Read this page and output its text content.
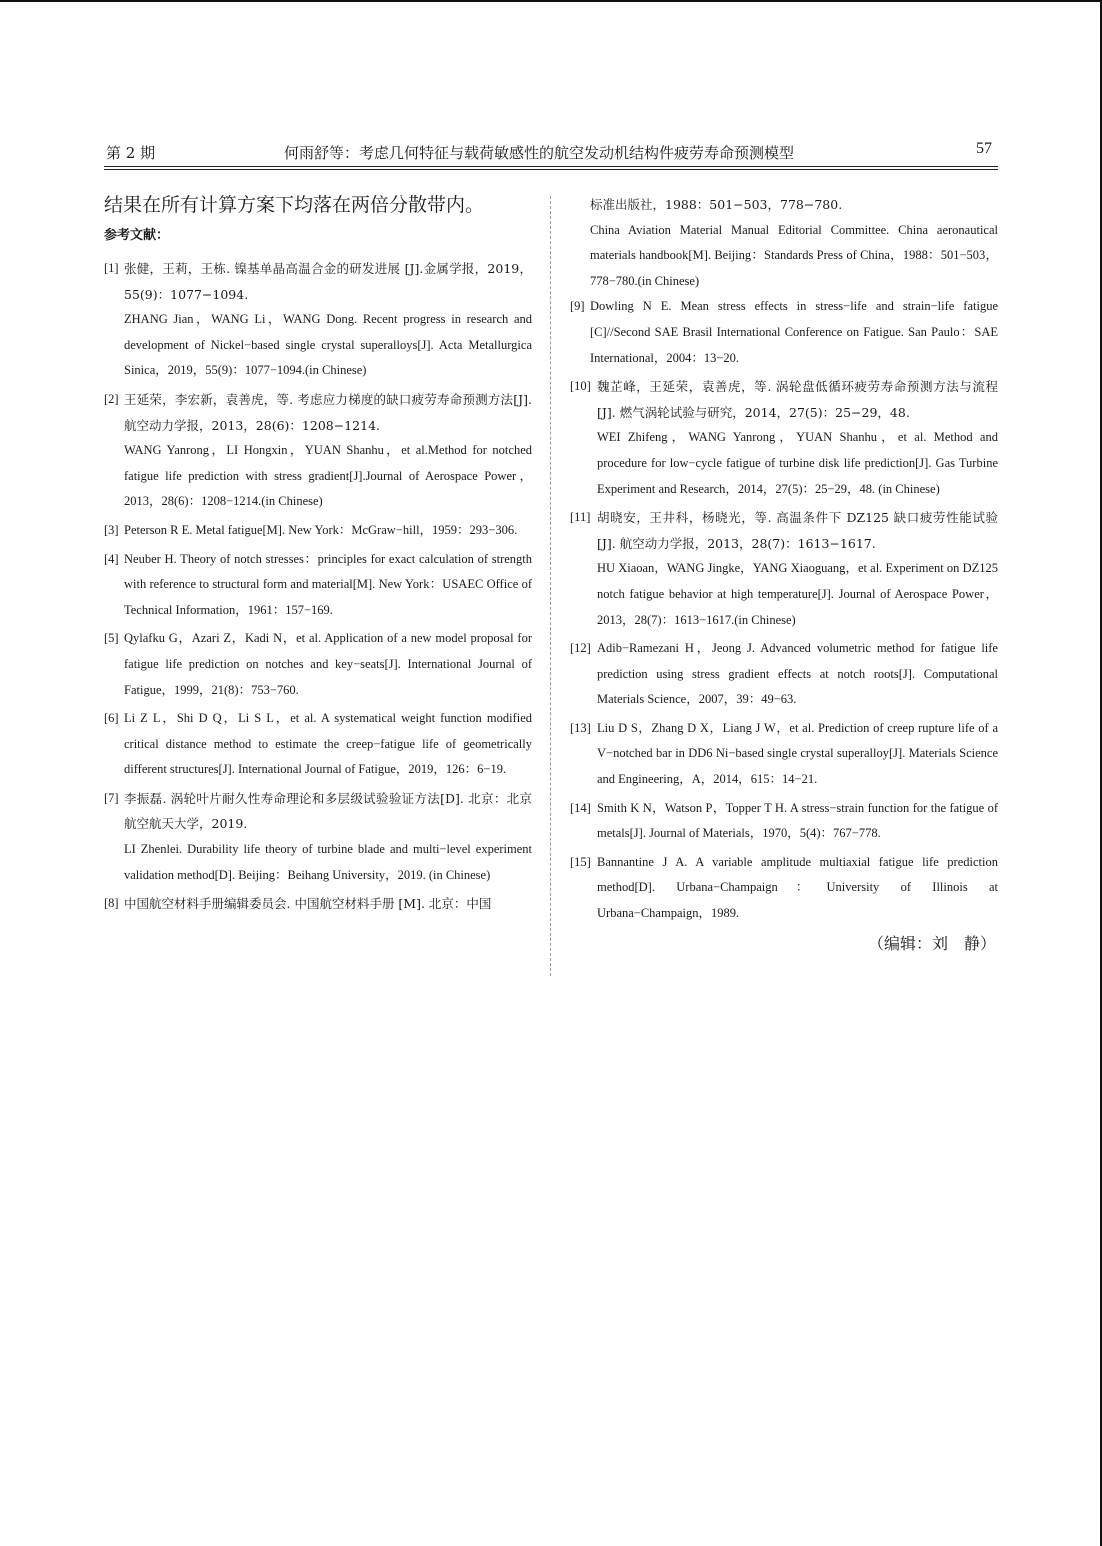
第 2 期	何雨舒等：考虑几何特征与载荷敏感性的航空发动机结构件疲劳寿命预测模型	57
结果在所有计算方案下均落在两倍分散带内。
参考文献：
[1] 张健，王莉，王栋. 镍基单晶高温合金的研发进展 [J].金属学报，2019，55(9)：1077−1094.

ZHANG Jian，WANG Li，WANG Dong. Recent progress in research and development of Nickel−based single crystal superalloys[J]. Acta Metallurgica Sinica，2019，55(9)：1077−1094.(in Chinese)

[2] 王延荣，李宏新，袁善虎，等. 考虑应力梯度的缺口疲劳寿命预测方法[J]. 航空动力学报，2013，28(6)：1208−1214.

WANG Yanrong，LI Hongxin，YUAN Shanhu，et al.Method for notched fatigue life prediction with stress gradient[J].Journal of Aerospace Power，2013，28(6)：1208−1214.(in Chinese)

[3] Peterson R E. Metal fatigue[M]. New York：McGraw−hill，1959：293−306.

[4] Neuber H. Theory of notch stresses：principles for exact calculation of strength with reference to structural form and material[M]. New York：USAEC Office of Technical Information，1961：157−169.

[5] Qylafku G，Azari Z，Kadi N，et al. Application of a new model proposal for fatigue life prediction on notches and key−seats[J]. International Journal of Fatigue，1999，21(8)：753−760.

[6] Li Z L，Shi D Q，Li S L，et al. A systematical weight function modified critical distance method to estimate the creep−fatigue life of geometrically different structures[J]. International Journal of Fatigue，2019，126：6−19.

[7] 李振磊. 涡轮叶片耐久性寿命理论和多层级试验验证方法[D]. 北京：北京航空航天大学，2019.

LI Zhenlei. Durability life theory of turbine blade and multi−level experiment validation method[D]. Beijing：Beihang University，2019. (in Chinese)

[8] 中国航空材料手册编辑委员会. 中国航空材料手册 [M]. 北京：中国

标准出版社，1988：501−503，778−780.

China Aviation Material Manual Editorial Committee. China aeronautical materials handbook[M]. Beijing：Standards Press of China，1988：501−503，778−780.(in Chinese)

[9] Dowling N E. Mean stress effects in stress−life and strain−life fatigue [C]//Second SAE Brasil International Conference on Fatigue. San Paulo：SAE International，2004：13−20.

[10] 魏芷峰，王延荣，袁善虎，等. 涡轮盘低循环疲劳寿命预测方法与流程[J]. 燃气涡轮试验与研究，2014，27(5)：25−29，48.

WEI Zhifeng，WANG Yanrong，YUAN Shanhu，et al. Method and procedure for low−cycle fatigue of turbine disk life prediction[J]. Gas Turbine Experiment and Research，2014，27(5)：25−29，48. (in Chinese)

[11] 胡晓安，王井科，杨晓光，等. 高温条件下 DZ125 缺口疲劳性能试验[J]. 航空动力学报，2013，28(7)：1613−1617.

HU Xiaoan，WANG Jingke，YANG Xiaoguang，et al. Experiment on DZ125 notch fatigue behavior at high temperature[J]. Journal of Aerospace Power，2013，28(7)：1613−1617.(in Chinese)

[12] Adib−Ramezani H，Jeong J. Advanced volumetric method for fatigue life prediction using stress gradient effects at notch roots[J]. Computational Materials Science，2007，39：49−63.

[13] Liu D S，Zhang D X，Liang J W，et al. Prediction of creep rupture life of a V−notched bar in DD6 Ni−based single crystal superalloy[J]. Materials Science and Engineering，A，2014，615：14−21.

[14] Smith K N，Watson P，Topper T H. A stress−strain function for the fatigue of metals[J]. Journal of Materials，1970，5(4)：767−778.

[15] Bannantine J A. A variable amplitude multiaxial fatigue life prediction method[D]. Urbana−Champaign：University of Illinois at Urbana−Champaign，1989.

（编辑：刘　静）
